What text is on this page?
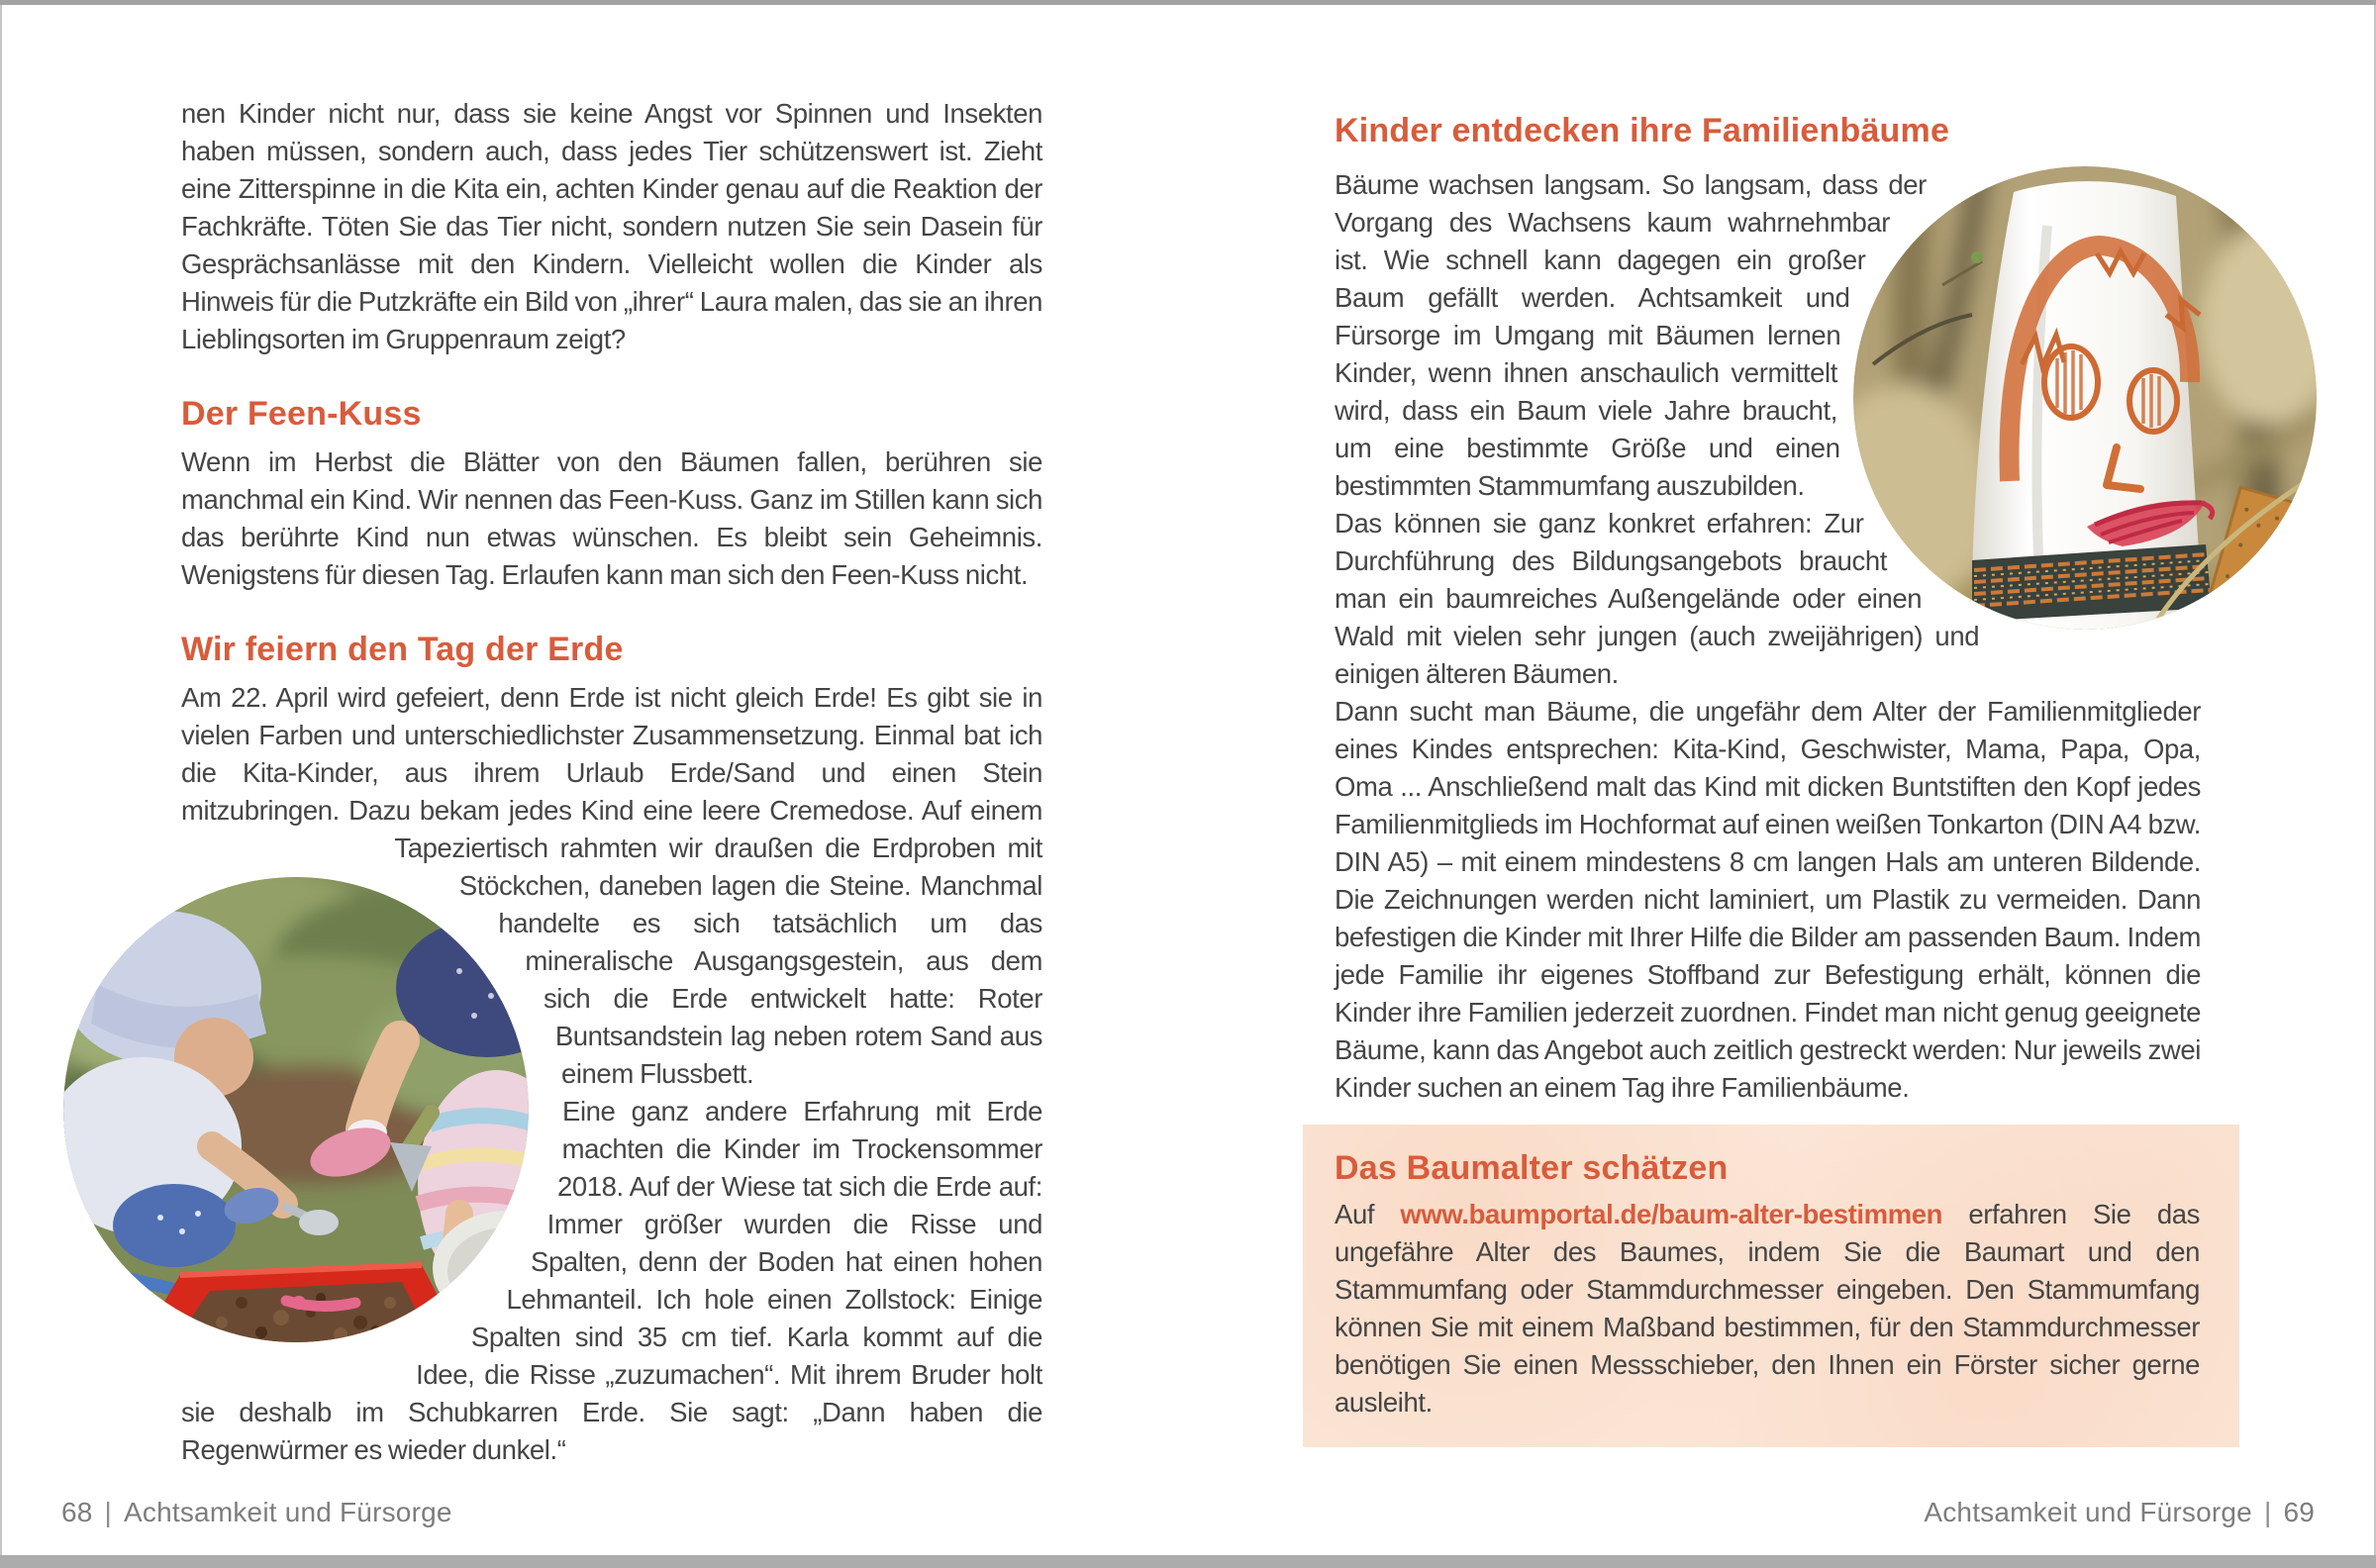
nen Kinder nicht nur, dass sie keine Angst vor Spinnen und Insekten haben müssen, sondern auch, dass jedes Tier schützenswert ist. Zieht eine Zitterspinne in die Kita ein, achten Kinder genau auf die Reaktion der Fachkräfte. Töten Sie das Tier nicht, sondern nutzen Sie sein Dasein für Gesprächsanlässe mit den Kindern. Vielleicht wollen die Kinder als Hinweis für die Putzkräfte ein Bild von „ihrer“ Laura malen, das sie an ihren Lieblingsorten im Gruppenraum zeigt?

Der Feen-Kuss

Wenn im Herbst die Blätter von den Bäumen fallen, berühren sie manchmal ein Kind. Wir nennen das Feen-Kuss. Ganz im Stillen kann sich das berührte Kind nun etwas wünschen. Es bleibt sein Geheimnis. Wenigstens für diesen Tag. Erlaufen kann man sich den Feen-Kuss nicht.

Wir feiern den Tag der Erde

Am 22. April wird gefeiert, denn Erde ist nicht gleich Erde! Es gibt sie in vielen Farben und unterschiedlichster Zusammensetzung. Einmal bat ich die Kita-Kinder, aus ihrem Urlaub Erde/Sand und einen Stein mitzubringen. Dazu bekam jedes Kind eine leere Cremedose. Auf einem Tapeziertisch rahmten wir draußen die Erdproben mit Stöckchen, daneben lagen die Steine. Manchmal handelte es sich tatsächlich um das mineralische Ausgangsgestein, aus dem sich die Erde entwickelt hatte: Roter Buntsandstein lag neben rotem Sand aus einem Flussbett.

Eine ganz andere Erfahrung mit Erde machten die Kinder im Trockensommer 2018. Auf der Wiese tat sich die Erde auf: Immer größer wurden die Risse und Spalten, denn der Boden hat einen hohen Lehmanteil. Ich hole einen Zollstock: Einige Spalten sind 35 cm tief. Karla kommt auf die Idee, die Risse „zuzumachen“. Mit ihrem Bruder holt sie deshalb im Schubkarren Erde. Sie sagt: „Dann haben die Regenwürmer es wieder dunkel.“

Kinder entdecken ihre Familienbäume

Bäume wachsen langsam. So langsam, dass der Vorgang des Wachsens kaum wahrnehmbar ist. Wie schnell kann dagegen ein großer Baum gefällt werden. Achtsamkeit und Fürsorge im Umgang mit Bäumen lernen Kinder, wenn ihnen anschaulich vermittelt wird, dass ein Baum viele Jahre braucht, um eine bestimmte Größe und einen bestimmten Stammumfang auszubilden.

Das können sie ganz konkret erfahren: Zur Durchführung des Bildungsangebots braucht man ein baumreiches Außengelände oder einen Wald mit vielen sehr jungen (auch zweijährigen) und einigen älteren Bäumen.

Dann sucht man Bäume, die ungefähr dem Alter der Familienmitglieder eines Kindes entsprechen: Kita-Kind, Geschwister, Mama, Papa, Opa, Oma ... Anschließend malt das Kind mit dicken Buntstiften den Kopf jedes Familienmitglieds im Hochformat auf einen weißen Tonkarton (DIN A4 bzw. DIN A5) – mit einem mindestens 8 cm langen Hals am unteren Bildende. Die Zeichnungen werden nicht laminiert, um Plastik zu vermeiden. Dann befestigen die Kinder mit Ihrer Hilfe die Bilder am passenden Baum. Indem jede Familie ihr eigenes Stoffband zur Befestigung erhält, können die Kinder ihre Familien jederzeit zuordnen. Findet man nicht genug geeignete Bäume, kann das Angebot auch zeitlich gestreckt werden: Nur jeweils zwei Kinder suchen an einem Tag ihre Familienbäume.

Das Baumalter schätzen

Auf www.baumportal.de/baum-alter-bestimmen erfahren Sie das ungefähre Alter des Baumes, indem Sie die Baumart und den Stammumfang oder Stammdurchmesser eingeben. Den Stammumfang können Sie mit einem Maßband bestimmen, für den Stammdurchmesser benötigen Sie einen Messschieber, den Ihnen ein Förster sicher gerne ausleiht.

68 | Achtsamkeit und Fürsorge	Achtsamkeit und Fürsorge | 69
